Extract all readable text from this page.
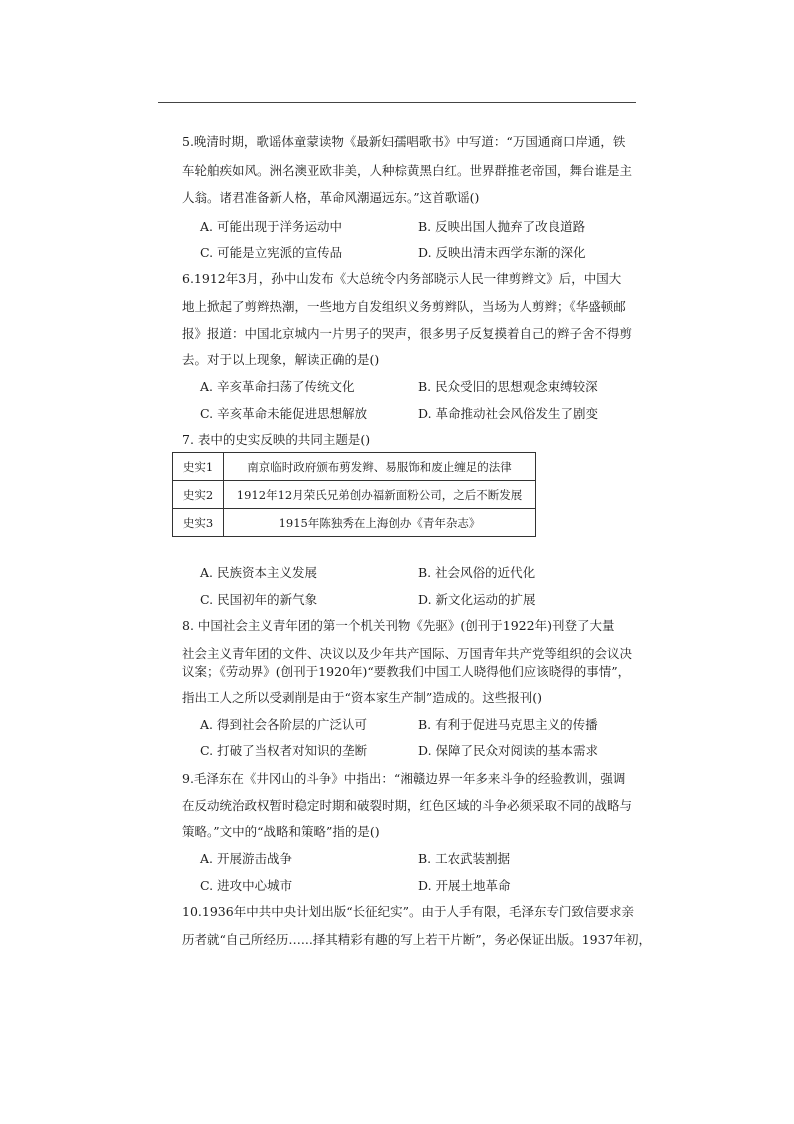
5.晚清时期，歌谣体童蒙读物《最新妇孺唱歌书》中写道：“万国通商口岸通，铁
车轮舶疾如风。洲名澳亚欧非美，人种棕黄黑白红。世界群推老帝国，舞台谁是主
人翁。诸君准备新人格，革命风潮逼远东。”这首歌谣()
A. 可能出现于洋务运动中	B. 反映出国人抛弃了改良道路
C. 可能是立宪派的宣传品	D. 反映出清末西学东渐的深化
6.1912年3月，孙中山发布《大总统令内务部晓示人民一律剪辫文》后，中国大
地上掀起了剪辫热潮，一些地方自发组织义务剪辫队，当场为人剪辫；《华盛顿邮
报》报道：中国北京城内一片男子的哭声，很多男子反复摸着自己的辫子舍不得剪
去。对于以上现象，解读正确的是()
A. 辛亥革命扫荡了传统文化	B. 民众受旧的思想观念束缚较深
C. 辛亥革命未能促进思想解放	D. 革命推动社会风俗发生了剧变
7. 表中的史实反映的共同主题是()
史实1	南京临时政府颁布剪发辫、易服饰和废止缠足的法律
史实2	1912年12月荣氏兄弟创办福新面粉公司，之后不断发展
史实3	1915年陈独秀在上海创办《青年杂志》
A. 民族资本主义发展	B. 社会风俗的近代化
C. 民国初年的新气象	D. 新文化运动的扩展
8. 中国社会主义青年团的第一个机关刊物《先驱》(创刊于1922年)刊登了大量
社会主义青年团的文件、决议以及少年共产国际、万国青年共产党等组织的会议决
议案；《劳动界》(创刊于1920年)“要教我们中国工人晓得他们应该晓得的事情”，
指出工人之所以受剥削是由于“资本家生产制”造成的。这些报刊()
A. 得到社会各阶层的广泛认可	B. 有利于促进马克思主义的传播
C. 打破了当权者对知识的垄断	D. 保障了民众对阅读的基本需求
9.毛泽东在《井冈山的斗争》中指出：“湘赣边界一年多来斗争的经验教训，强调
在反动统治政权暂时稳定时期和破裂时期，红色区域的斗争必须采取不同的战略与
策略。”文中的“战略和策略”指的是()
A. 开展游击战争	B. 工农武装割据
C. 进攻中心城市	D. 开展土地革命
10.1936年中共中央计划出版“长征纪实”。由于人手有限，毛泽东专门致信要求亲
历者就“自己所经历…...择其精彩有趣的写上若干片断”，务必保证出版。1937年初，
